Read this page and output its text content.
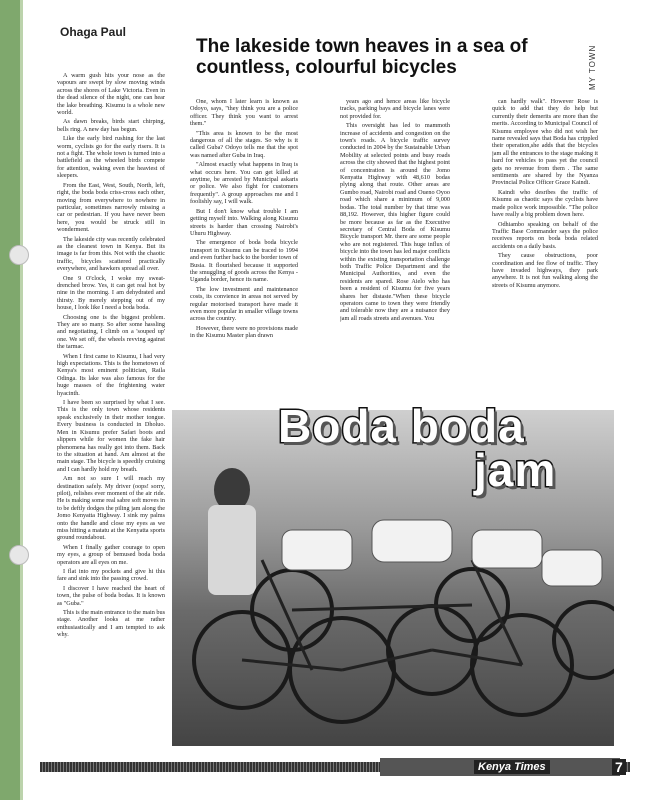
Ohaga Paul
MY TOWN
The lakeside town heaves in a sea of countless, colourful bicycles

A warm gush hits your nose as the vapours are swept by slow moving winds across the shores of Lake Victoria. Even in the dead silence of the night, one can hear the lake breathing. Kisumu is a whole new world.

As dawn breaks, birds start chirping, bells ring. A new day has begun.

Like the early bird rushing for the last worm, cyclists go for the early risers. It is not a fight. The whole town is turned into a battlefield as the wheeled birds compete for attention, waking even the heaviest of sleepers.

From the East, West, South, North, left, right, the boda boda criss-cross each other, moving from everywhere to nowhere in particular, sometimes narrowly missing a car or pedestrian. If you have never been here, you would be struck still in wonderment.

The lakeside city was recently celebrated as the cleanest town in Kenya. But its image is far from this. Not with the chaotic traffic, bicycles scattered practically everywhere, and hawkers spread all over.

One 9 O'clock, I woke my sweat-drenched brow. Yes, it can get real hot by nine in the morning. I am dehydrated and thirsty. By merely stepping out of my house, I look like I need a boda boda.

Choosing one is the biggest problem. They are so many. So after some hassling and negotiating, I climb on a 'souped up' one. We set off, the wheels revving against the tarmac.

When I first came to Kisumu, I had very high expectations. This is the hometown of Kenya's most eminent politician, Raila Odinga. Its lake was also famous for the huge masses of the frightening water hyacinth.

I have been so surprised by what I see. This is the only town whose residents speak exclusively in their mother tongue. Every business is conducted in Dholuo. Men in Kisumu prefer Safari boots and slippers while for women the fake hair phenomena has really got into them. Back to the situation at hand. Am almost at the main stage. The bicycle is speedily cruising and I can hardly hold my breath.

Am not so sure I will reach my destination safely. My driver (oops! sorry, pilot), relishes ever moment of the air ride. He is making some real sabre soft moves in to be deftly dodges the piling jam along the Jomo Kenyatta Highway. I sink my palms onto the handle and close my eyes as we miss hitting a matatu at the Kenyatta sports ground roundabout.

When I finally gather courage to open my eyes, a group of bemused boda boda operators are all eyes on me.

I flat into my pockets and give hi this fare and sink into the passing crowd.

I discover I have reached the heart of town, the pulse of boda bodas. It is known as "Guba."

This is the main entrance to the main bus stage. Another looks at me rather enthusiastically and I am tempted to ask why.

One, whom I later learn is known as Odoyo, says, "they think you are a police officer. They think you want to arrest them."

"This area is known to be the most dangerous of all the stages. So why is it called Guba? Odoyo tells me that the spot was named after Guba in Iraq.

"Almost exactly what happens in Iraq is what occurs here. You can get killed at anytime, be arrested by Municipal askaris or police. We also fight for customers frequently". A group approaches me and I foolishly say, I will walk.

But I don't know what trouble I am getting myself into. Walking along Kisumu streets is harder than crossing Nairobi's Uhuru Highway.

The emergence of boda boda bicycle transport in Kisumu can be traced to 1994 and even further back to the border town of Busia. It flourished because it supported the smuggling of goods across the Kenya - Uganda border, hence its name.

The low investment and maintenance costs, its convience in areas not served by regular motorised transport have made it even more popular in smaller village towns across the country.

However, there were no provisions made in the Kisumu Master plan drawn

years ago and hence areas like bicycle tracks, parking bays and bicycle lanes were not provided for.

This oversight has led to mammoth increase of accidents and congestion on the town's roads. A bicycle traffic survey conducted in 2004 by the Sustainable Urban Mobility at selected points and busy roads across the city showed that the highest point of concentration is around the Jomo Kenyatta Highway with 48,610 bodas plying along that route. Other areas are Gumbo road, Nairobi road and Oueno Oyoo road which share a minimum of 9,000 bodas. The total number by that time was 88,192. However, this higher figure could be more because as far as the Executive secretary of Central Boda of Kisumu Bicycle transport Mr. there are some people who are not registered. This huge influx of bicycle into the town has led major conflicts within the existing transportation challenge both Traffic Police Department and the Municipal Authorities, and even the residents are spared. Rose Aielo who has been a resident of Kisumu for five years shares her distaste."When these bicycle operators came to town they were friendly and tolerable now they are a nuisance they jam all roads streets and avenues. You

can hardly walk". However Rose is quick to add that they do help but currently their demerits are more than the merits. According to Municipal Council of Kisumu employee who did not wish her name revealed says that Boda has crippled their operation,she adds that the bicycles jam all the entrances to the stage making it hard for vehicles to pass yet the council gets no revenue from them . The same sentiments are shared by the Nyanza Provincial Police Officer Grace Kaindi.

Kaindi who desribes the traffic of Kisumu as chaotic says the cyclists have made police work impossible. "The police have really a big problem down here.

Odhiambo speaking on behalf of the Traffic Base Commander says the police receives reports on boda boda related accidents on a daily basis.

They cause obstructions, poor coordination and fee flow of traffic. They have invaded highways, they park anywhere. It is not fun walking along the streets of Kisumu anymore.

Boda boda
jam
Kenya Times	7
